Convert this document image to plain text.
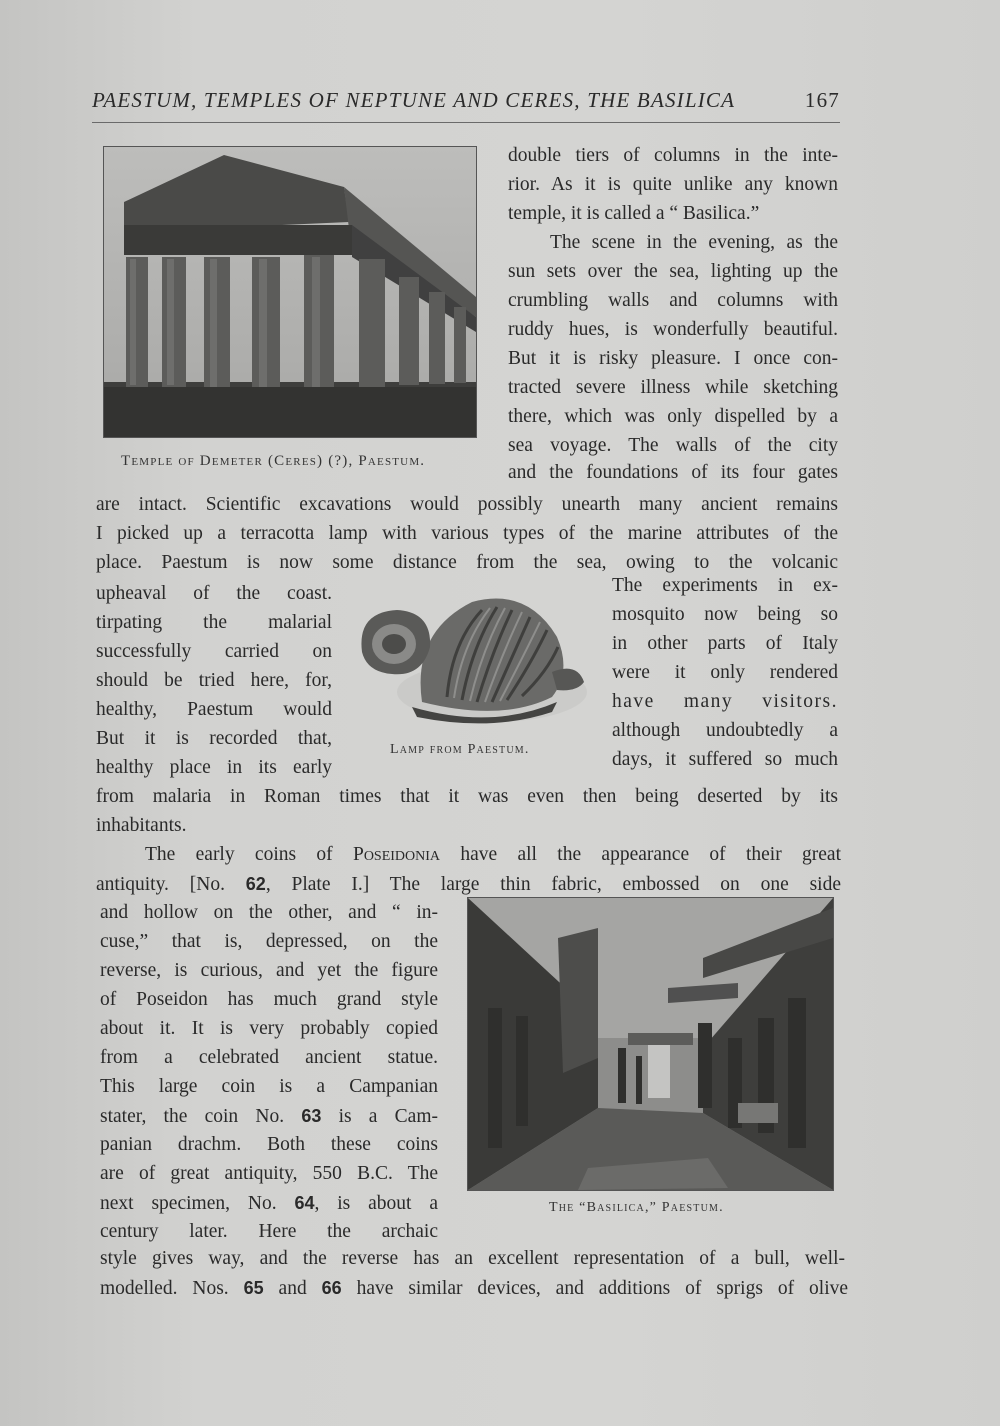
PAESTUM, TEMPLES OF NEPTUNE AND CERES, THE BASILICA	167
Temple of Demeter (Ceres) (?), Paestum.
double tiers of columns in the inte-
rior. As it is quite unlike any known
temple, it is called a “ Basilica.”
The scene in the evening, as the
sun sets over the sea, lighting up the
crumbling walls and columns with
ruddy hues, is wonderfully beautiful.
But it is risky pleasure. I once con-
tracted severe illness while sketching
there, which was only dispelled by a
sea voyage. The walls of the city
and the foundations of its four gates
are intact. Scientific excavations would possibly unearth many ancient remains
I picked up a terracotta lamp with various types of the marine attributes of the
place. Paestum is now some distance from the sea, owing to the volcanic
upheaval of the coast.
tirpating the malarial
successfully carried on
should be tried here, for,
healthy, Paestum would
But it is recorded that,
healthy place in its early
Lamp from Paestum.
The experiments in ex-
mosquito now being so
in other parts of Italy
were it only rendered
have many visitors.
although undoubtedly a
days, it suffered so much
from malaria in Roman times that it was even then being deserted by its
inhabitants.
The early coins of Poseidonia have all the appearance of their great
antiquity. [No. 62, Plate I.] The large thin fabric, embossed on one side
and hollow on the other, and “ in-
cuse,” that is, depressed, on the
reverse, is curious, and yet the figure
of Poseidon has much grand style
about it. It is very probably copied
from a celebrated ancient statue.
This large coin is a Campanian
stater, the coin No. 63 is a Cam-
panian drachm. Both these coins
are of great antiquity, 550 B.C. The
next specimen, No. 64, is about a
century later. Here the archaic
The “Basilica,” Paestum.
style gives way, and the reverse has an excellent representation of a bull, well-
modelled. Nos. 65 and 66 have similar devices, and additions of sprigs of olive
